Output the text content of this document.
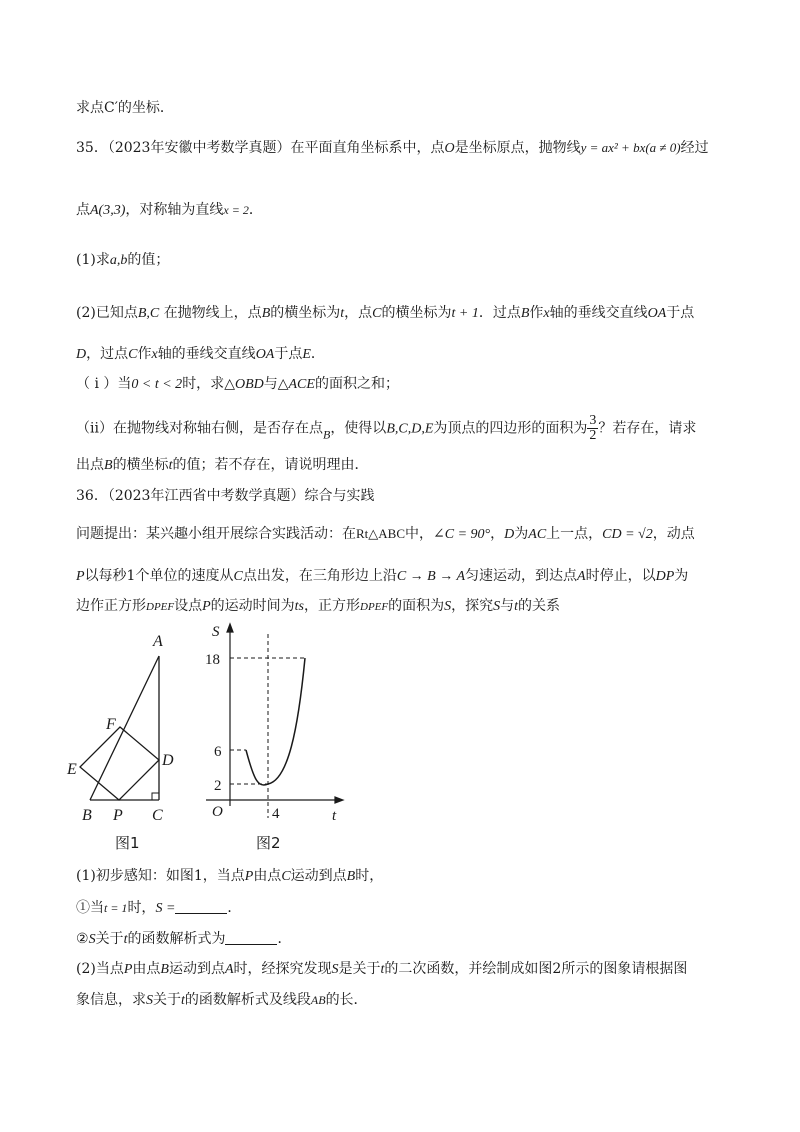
求点C′的坐标．
35．（2023年安徽中考数学真题）在平面直角坐标系中，点O是坐标原点，抛物线y = ax² + bx(a ≠ 0)经过
点A(3,3)，对称轴为直线x = 2．
(1)求a,b的值；
(2)已知点B,C 在抛物线上，点B的横坐标为t，点C的横坐标为t + 1．过点B作x轴的垂线交直线OA于点
D，过点C作x轴的垂线交直线OA于点E．
（ i ）当0 < t < 2时，求△OBD与△ACE的面积之和；
（ii）在抛物线对称轴右侧，是否存在点B，使得以B,C,D,E为顶点的四边形的面积为 $\frac{3}{2}$ ？若存在，请求
出点B的横坐标t的值；若不存在，请说明理由．
36．（2023年江西省中考数学真题）综合与实践
问题提出：某兴趣小组开展综合实践活动：在Rt△ABC中，∠C = 90°，D为AC上一点，CD = √2，动点
P以每秒1个单位的速度从C点出发，在三角形边上沿C → B → A匀速运动，到达点A时停止，以DP为
边作正方形DPEF设点P的运动时间为ts，正方形DPEF的面积为S，探究S与t的关系
A
B	C
D
E
F
P
图1
S
18
6
2
O	4	t
图2
(1)初步感知：如图1，当点P由点C运动到点B时，
①当t = 1时，S =	．
②S关于t的函数解析式为	．
(2)当点P由点B运动到点A时，经探究发现S是关于t的二次函数，并绘制成如图2所示的图象请根据图
象信息，求S关于t的函数解析式及线段AB的长．
